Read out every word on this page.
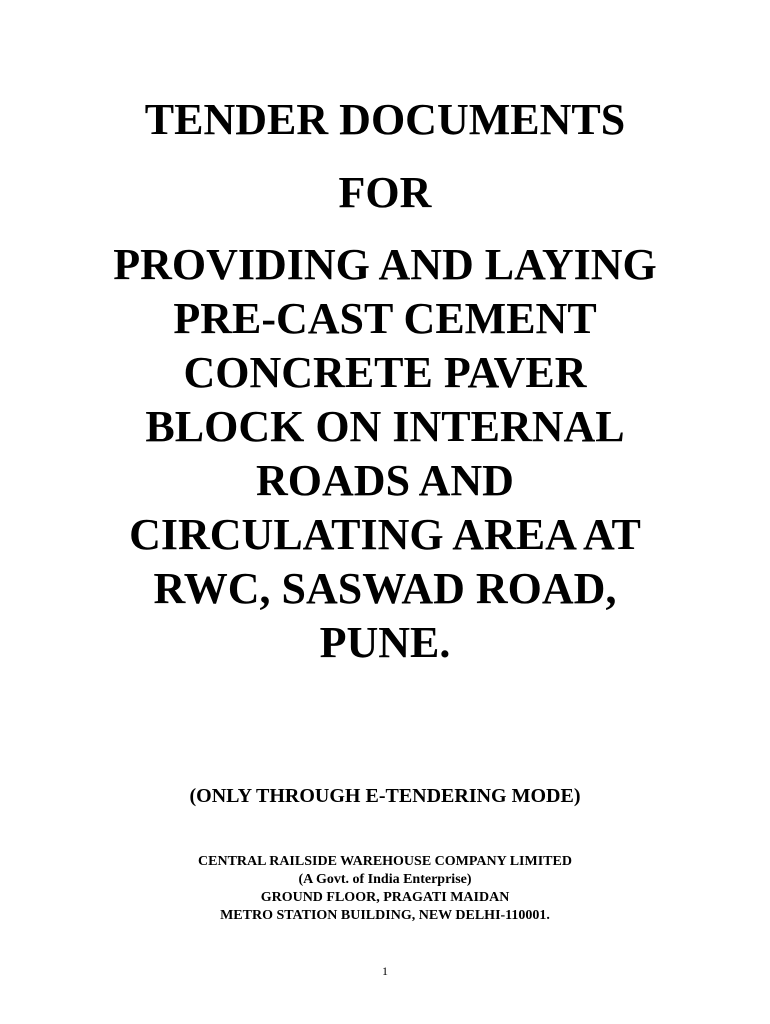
TENDER DOCUMENTS
FOR
PROVIDING AND LAYING
PRE-CAST CEMENT
CONCRETE PAVER
BLOCK ON INTERNAL
ROADS AND
CIRCULATING AREA AT
RWC, SASWAD ROAD,
PUNE.
(ONLY THROUGH E-TENDERING MODE)
CENTRAL RAILSIDE WAREHOUSE COMPANY LIMITED
(A Govt. of India Enterprise)
GROUND FLOOR, PRAGATI MAIDAN
METRO STATION BUILDING, NEW DELHI-110001.
1
